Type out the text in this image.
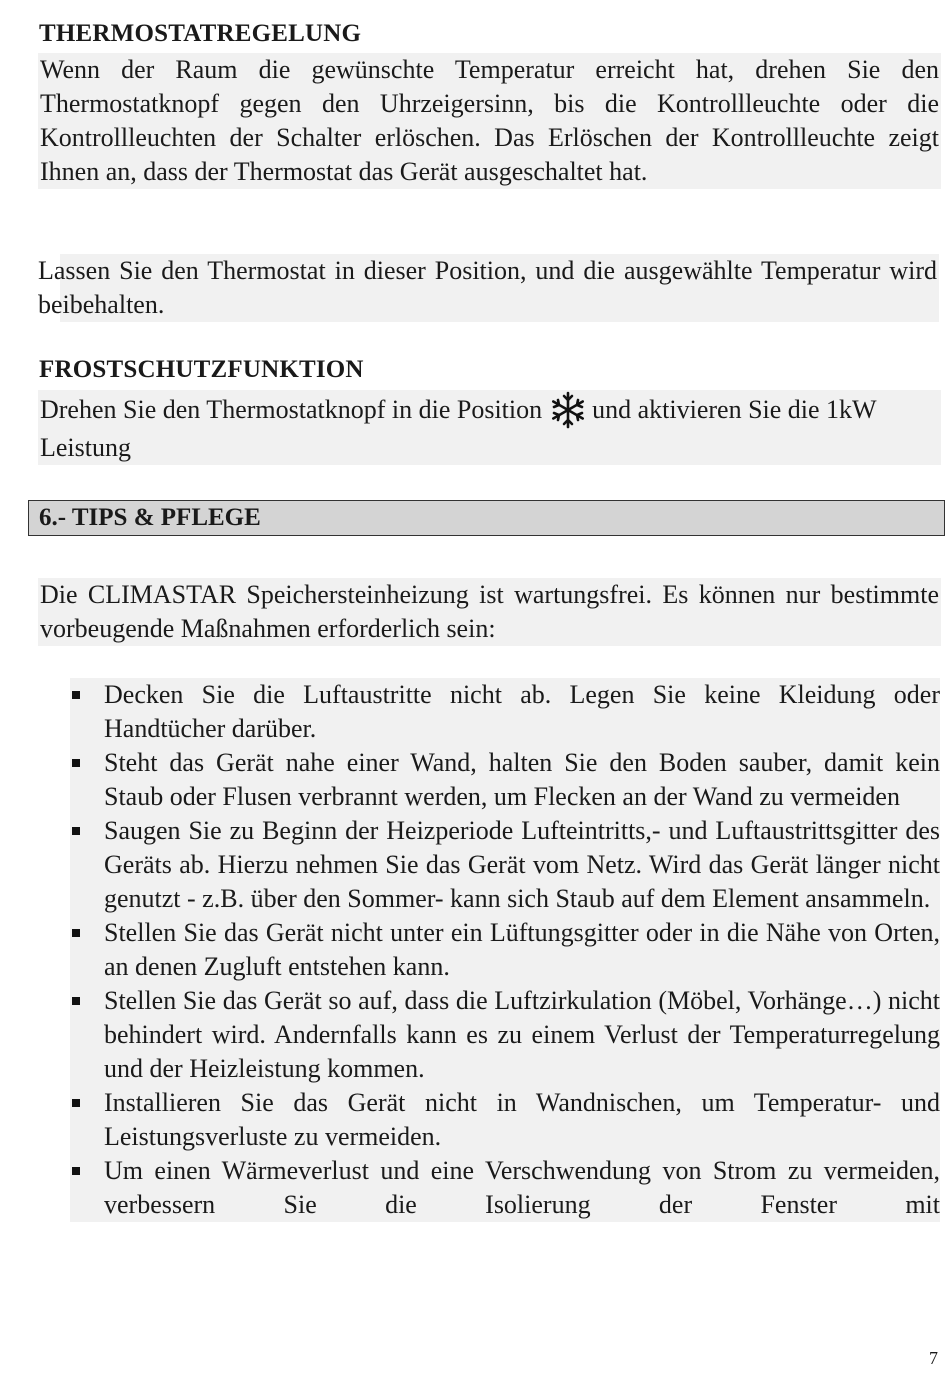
THERMOSTATREGELUNG
Wenn der Raum die gewünschte Temperatur erreicht hat, drehen Sie den Thermostatknopf gegen den Uhrzeigersinn, bis die Kontrollleuchte oder die Kontrollleuchten der Schalter erlöschen. Das Erlöschen der Kontrollleuchte zeigt Ihnen an, dass der Thermostat das Gerät ausgeschaltet hat.
Lassen Sie den Thermostat in dieser Position, und die ausgewählte Temperatur wird beibehalten.
FROSTSCHUTZFUNKTION
Drehen Sie den Thermostatknopf in die Position und aktivieren Sie die 1kW Leistung
6.- TIPS & PFLEGE
Die CLIMASTAR Speichersteinheizung ist wartungsfrei. Es können nur bestimmte vorbeugende Maßnahmen erforderlich sein:
Decken Sie die Luftaustritte nicht ab. Legen Sie keine Kleidung oder Handtücher darüber.
Steht das Gerät nahe einer Wand, halten Sie den Boden sauber, damit kein Staub oder Flusen verbrannt werden, um Flecken an der Wand zu vermeiden
Saugen Sie zu Beginn der Heizperiode Lufteintritts,- und Luftaustrittsgitter des Geräts ab. Hierzu nehmen Sie das Gerät vom Netz. Wird das Gerät länger nicht genutzt - z.B. über den Sommer- kann sich Staub auf dem Element ansammeln.
Stellen Sie das Gerät nicht unter ein Lüftungsgitter oder in die Nähe von Orten, an denen Zugluft entstehen kann.
Stellen Sie das Gerät so auf, dass die Luftzirkulation (Möbel, Vorhänge…) nicht behindert wird. Andernfalls kann es zu einem Verlust der Temperaturregelung und der Heizleistung kommen.
Installieren Sie das Gerät nicht in Wandnischen, um Temperatur- und Leistungsverluste zu vermeiden.
Um einen Wärmeverlust und eine Verschwendung von Strom zu vermeiden, verbessern Sie die Isolierung der Fenster mit
7
